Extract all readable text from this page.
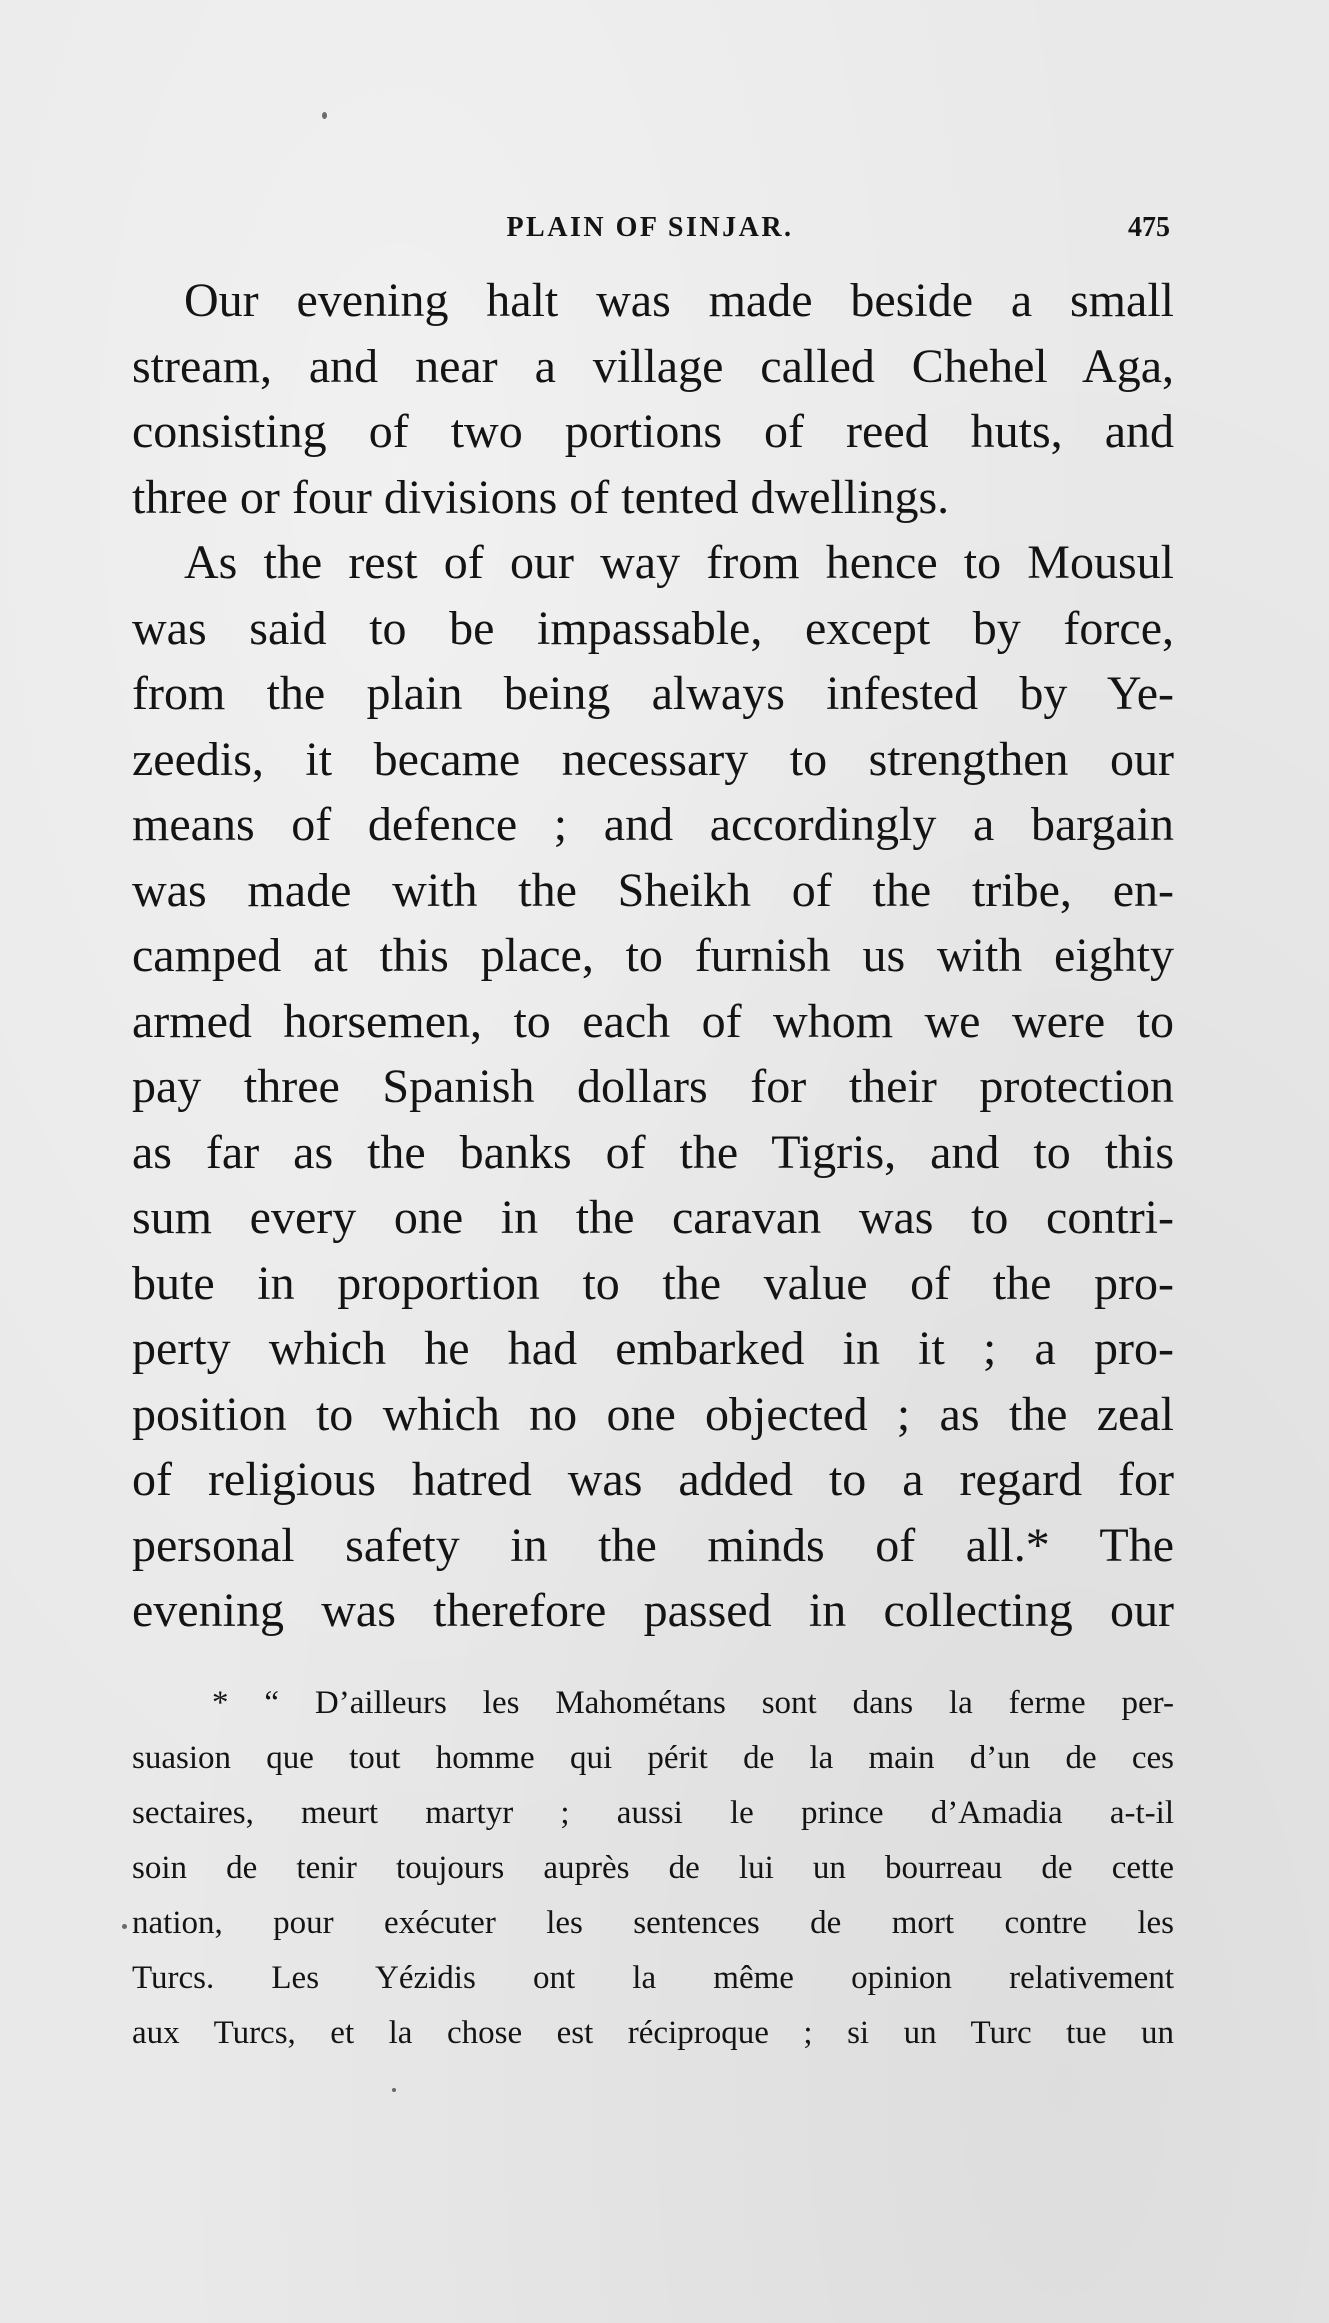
PLAIN OF SINJAR.	475
Our evening halt was made beside a small
stream, and near a village called Chehel Aga,
consisting of two portions of reed huts, and
three or four divisions of tented dwellings.
As the rest of our way from hence to Mousul
was said to be impassable, except by force,
from the plain being always infested by Ye-
zeedis, it became necessary to strengthen our
means of defence ; and accordingly a bargain
was made with the Sheikh of the tribe, en-
camped at this place, to furnish us with eighty
armed horsemen, to each of whom we were to
pay three Spanish dollars for their protection
as far as the banks of the Tigris, and to this
sum every one in the caravan was to contri-
bute in proportion to the value of the pro-
perty which he had embarked in it ; a pro-
position to which no one objected ; as the zeal
of religious hatred was added to a regard for
personal safety in the minds of all.* The
evening was therefore passed in collecting our
* “ D’ailleurs les Mahométans sont dans la ferme per-
suasion que tout homme qui périt de la main d’un de ces
sectaires, meurt martyr ; aussi le prince d’Amadia a-t-il
soin de tenir toujours auprès de lui un bourreau de cette
nation, pour exécuter les sentences de mort contre les
Turcs. Les Yézidis ont la même opinion relativement
aux Turcs, et la chose est réciproque ; si un Turc tue un
